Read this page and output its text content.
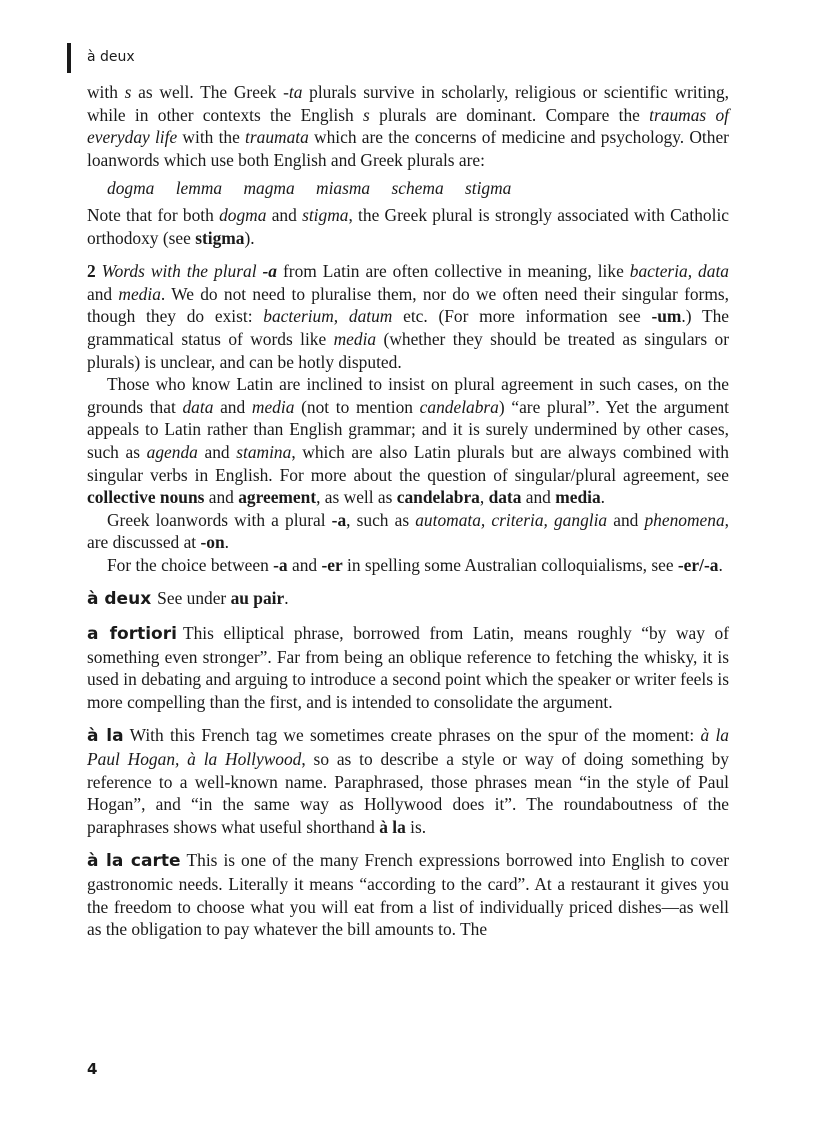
à deux

with s as well. The Greek -ta plurals survive in scholarly, religious or scientific writing, while in other contexts the English s plurals are dominant. Compare the traumas of everyday life with the traumata which are the concerns of medicine and psychology. Other loanwords which use both English and Greek plurals are:

dogma lemma magma miasma schema stigma

Note that for both dogma and stigma, the Greek plural is strongly associated with Catholic orthodoxy (see stigma).

2 Words with the plural -a from Latin are often collective in meaning, like bacteria, data and media. We do not need to pluralise them, nor do we often need their singular forms, though they do exist: bacterium, datum etc. (For more information see -um.) The grammatical status of words like media (whether they should be treated as singulars or plurals) is unclear, and can be hotly disputed.

Those who know Latin are inclined to insist on plural agreement in such cases, on the grounds that data and media (not to mention candelabra) “are plural”. Yet the argument appeals to Latin rather than English grammar; and it is surely undermined by other cases, such as agenda and stamina, which are also Latin plurals but are always combined with singular verbs in English. For more about the question of singular/plural agreement, see collective nouns and agreement, as well as candelabra, data and media.

Greek loanwords with a plural -a, such as automata, criteria, ganglia and phenomena, are discussed at -on.

For the choice between -a and -er in spelling some Australian colloquialisms, see -er/-a.

à deux See under au pair.

a fortiori This elliptical phrase, borrowed from Latin, means roughly “by way of something even stronger”. Far from being an oblique reference to fetching the whisky, it is used in debating and arguing to introduce a second point which the speaker or writer feels is more compelling than the first, and is intended to consolidate the argument.

à la With this French tag we sometimes create phrases on the spur of the moment: à la Paul Hogan, à la Hollywood, so as to describe a style or way of doing something by reference to a well-known name. Paraphrased, those phrases mean “in the style of Paul Hogan”, and “in the same way as Hollywood does it”. The roundaboutness of the paraphrases shows what useful shorthand à la is.

à la carte This is one of the many French expressions borrowed into English to cover gastronomic needs. Literally it means “according to the card”. At a restaurant it gives you the freedom to choose what you will eat from a list of individually priced dishes—as well as the obligation to pay whatever the bill amounts to. The

4
